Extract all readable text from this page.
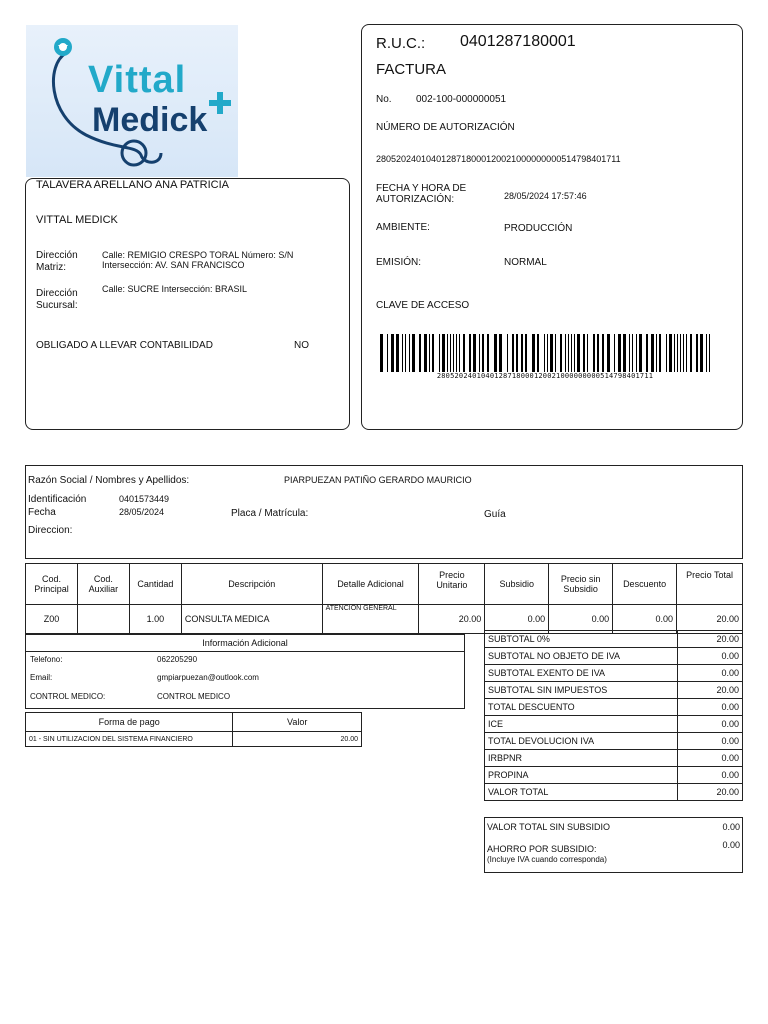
Vittal
Medick
TALAVERA ARELLANO ANA PATRICIA
VITTAL MEDICK
Dirección
Matriz:
Calle: REMIGIO CRESPO TORAL Número: S/N
Intersección: AV. SAN FRANCISCO
Dirección
Sucursal:
Calle: SUCRE Intersección: BRASIL
OBLIGADO A LLEVAR CONTABILIDAD	NO
R.U.C.: 0401287180001
FACTURA
No. 002-100-000000051
NÚMERO DE AUTORIZACIÓN
2805202401040128718000120021000000000514798401711
FECHA Y HORA DE
AUTORIZACIÓN:	28/05/2024 17:57:46
AMBIENTE:	PRODUCCIÓN
EMISIÓN:	NORMAL
CLAVE DE ACCESO
2805202401040128718000120021000000000514798401711
Razón Social / Nombres y Apellidos:	PIARPUEZAN PATIÑO GERARDO MAURICIO
Identificación	0401573449
Fecha	28/05/2024	Placa / Matrícula:	Guía
Direccion:
Cod. Principal	Cod. Auxiliar	Cantidad	Descripción	Detalle Adicional	Precio Unitario	Subsidio	Precio sin Subsidio	Descuento	Precio Total
Z00		1.00	CONSULTA MEDICA	ATENCION GENERAL	20.00	0.00	0.00	0.00	20.00
Información Adicional
Telefono:	062205290
Email:	gmpiarpuezan@outlook.com
CONTROL MEDICO:	CONTROL MEDICO
Forma de pago	Valor
01 - SIN UTILIZACION DEL SISTEMA FINANCIERO	20.00
SUBTOTAL 0%	20.00
SUBTOTAL NO OBJETO DE IVA	0.00
SUBTOTAL EXENTO DE IVA	0.00
SUBTOTAL SIN IMPUESTOS	20.00
TOTAL DESCUENTO	0.00
ICE	0.00
TOTAL DEVOLUCION IVA	0.00
IRBPNR	0.00
PROPINA	0.00
VALOR TOTAL	20.00
VALOR TOTAL SIN SUBSIDIO	0.00
AHORRO POR SUBSIDIO:
(Incluye IVA cuando corresponda)
0.00
